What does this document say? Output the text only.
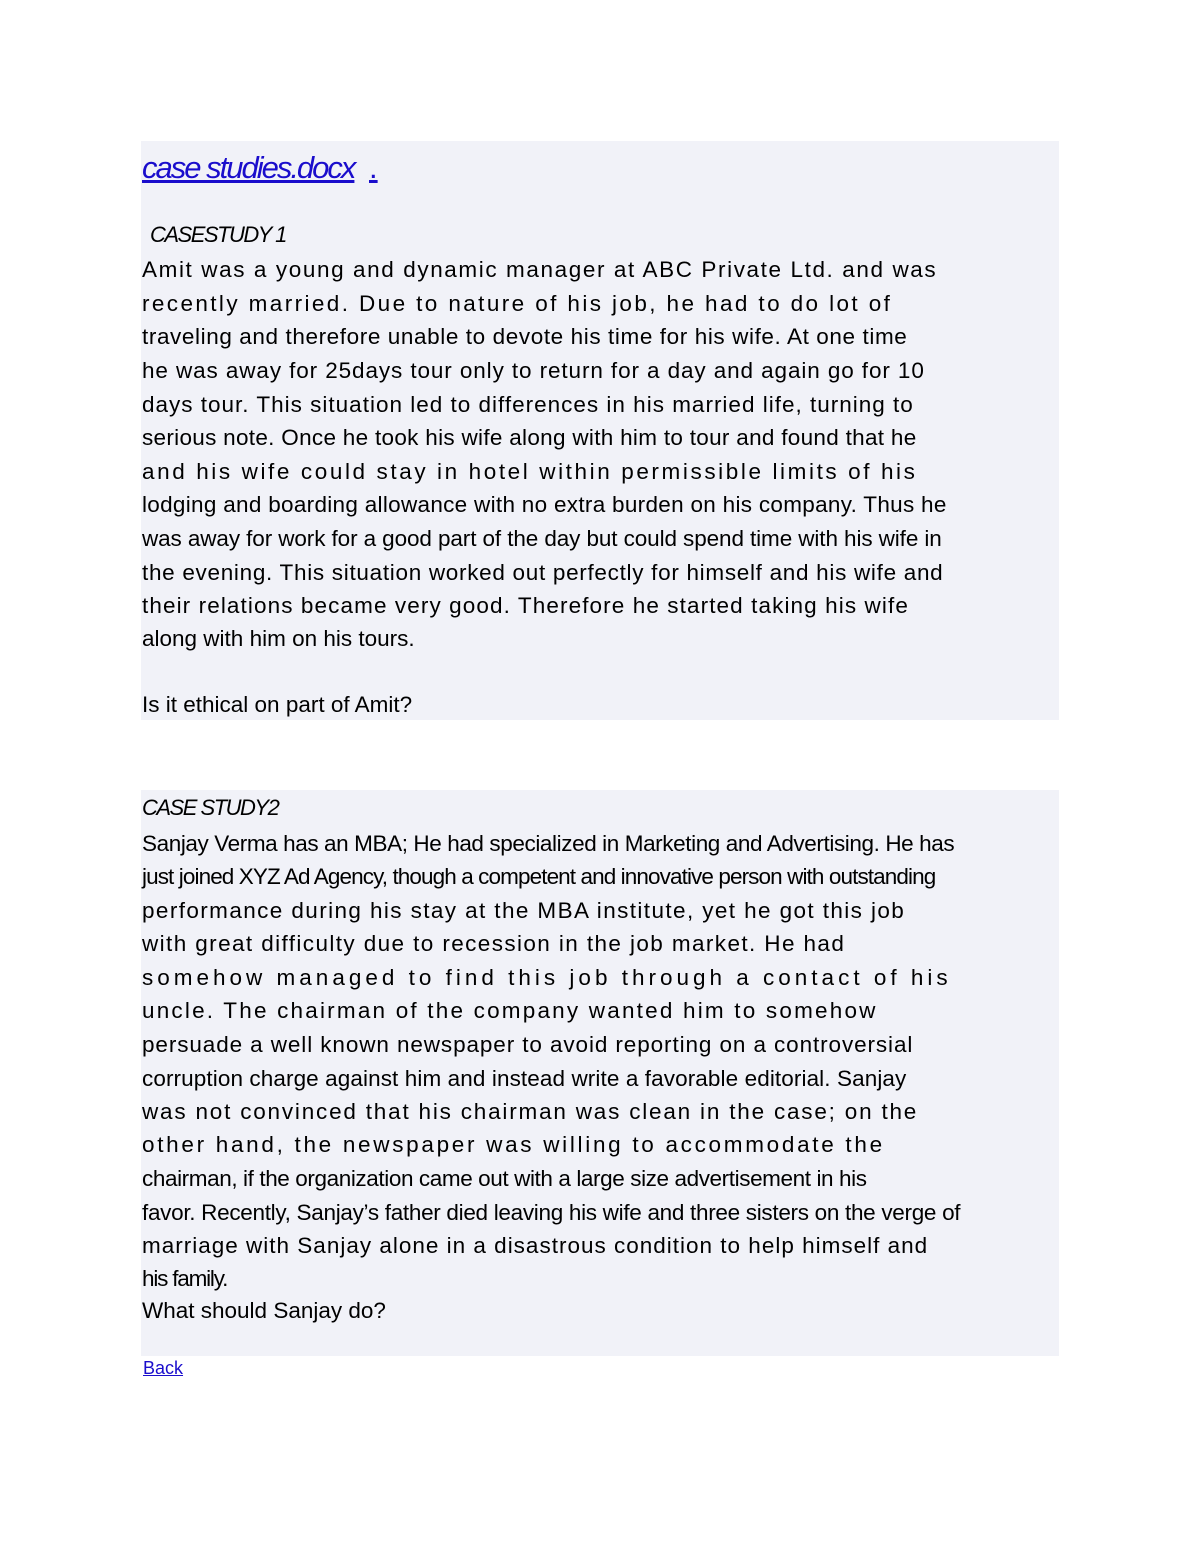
case studies.docx .
CASESTUDY 1
Amit was a young and dynamic manager at ABC Private Ltd. and was
recently married. Due to nature of his job, he had to do lot of
traveling and therefore unable to devote his time for his wife. At one time
he was away for 25days tour only to return for a day and again go for 10
days tour. This situation led to differences in his married life, turning to
serious note. Once he took his wife along with him to tour and found that he
and his wife could stay in hotel within permissible limits of his
lodging and boarding allowance with no extra burden on his company. Thus he
was away for work for a good part of the day but could spend time with his wife in
the evening. This situation worked out perfectly for himself and his wife and
their relations became very good. Therefore he started taking his wife
along with him on his tours.
Is it ethical on part of Amit?
CASE STUDY2
Sanjay Verma has an MBA; He had specialized in Marketing and Advertising. He has
just joined XYZ Ad Agency, though a competent and innovative person with outstanding
performance during his stay at the MBA institute, yet he got this job
with great difficulty due to recession in the job market. He had
somehow managed to find this job through a contact of his
uncle. The chairman of the company wanted him to somehow
persuade a well known newspaper to avoid reporting on a controversial
corruption charge against him and instead write a favorable editorial. Sanjay
was not convinced that his chairman was clean in the case; on the
other hand, the newspaper was willing to accommodate the
chairman, if the organization came out with a large size advertisement in his
favor. Recently, Sanjay’s father died leaving his wife and three sisters on the verge of
marriage with Sanjay alone in a disastrous condition to help himself and
his family.
What should Sanjay do?
Back
